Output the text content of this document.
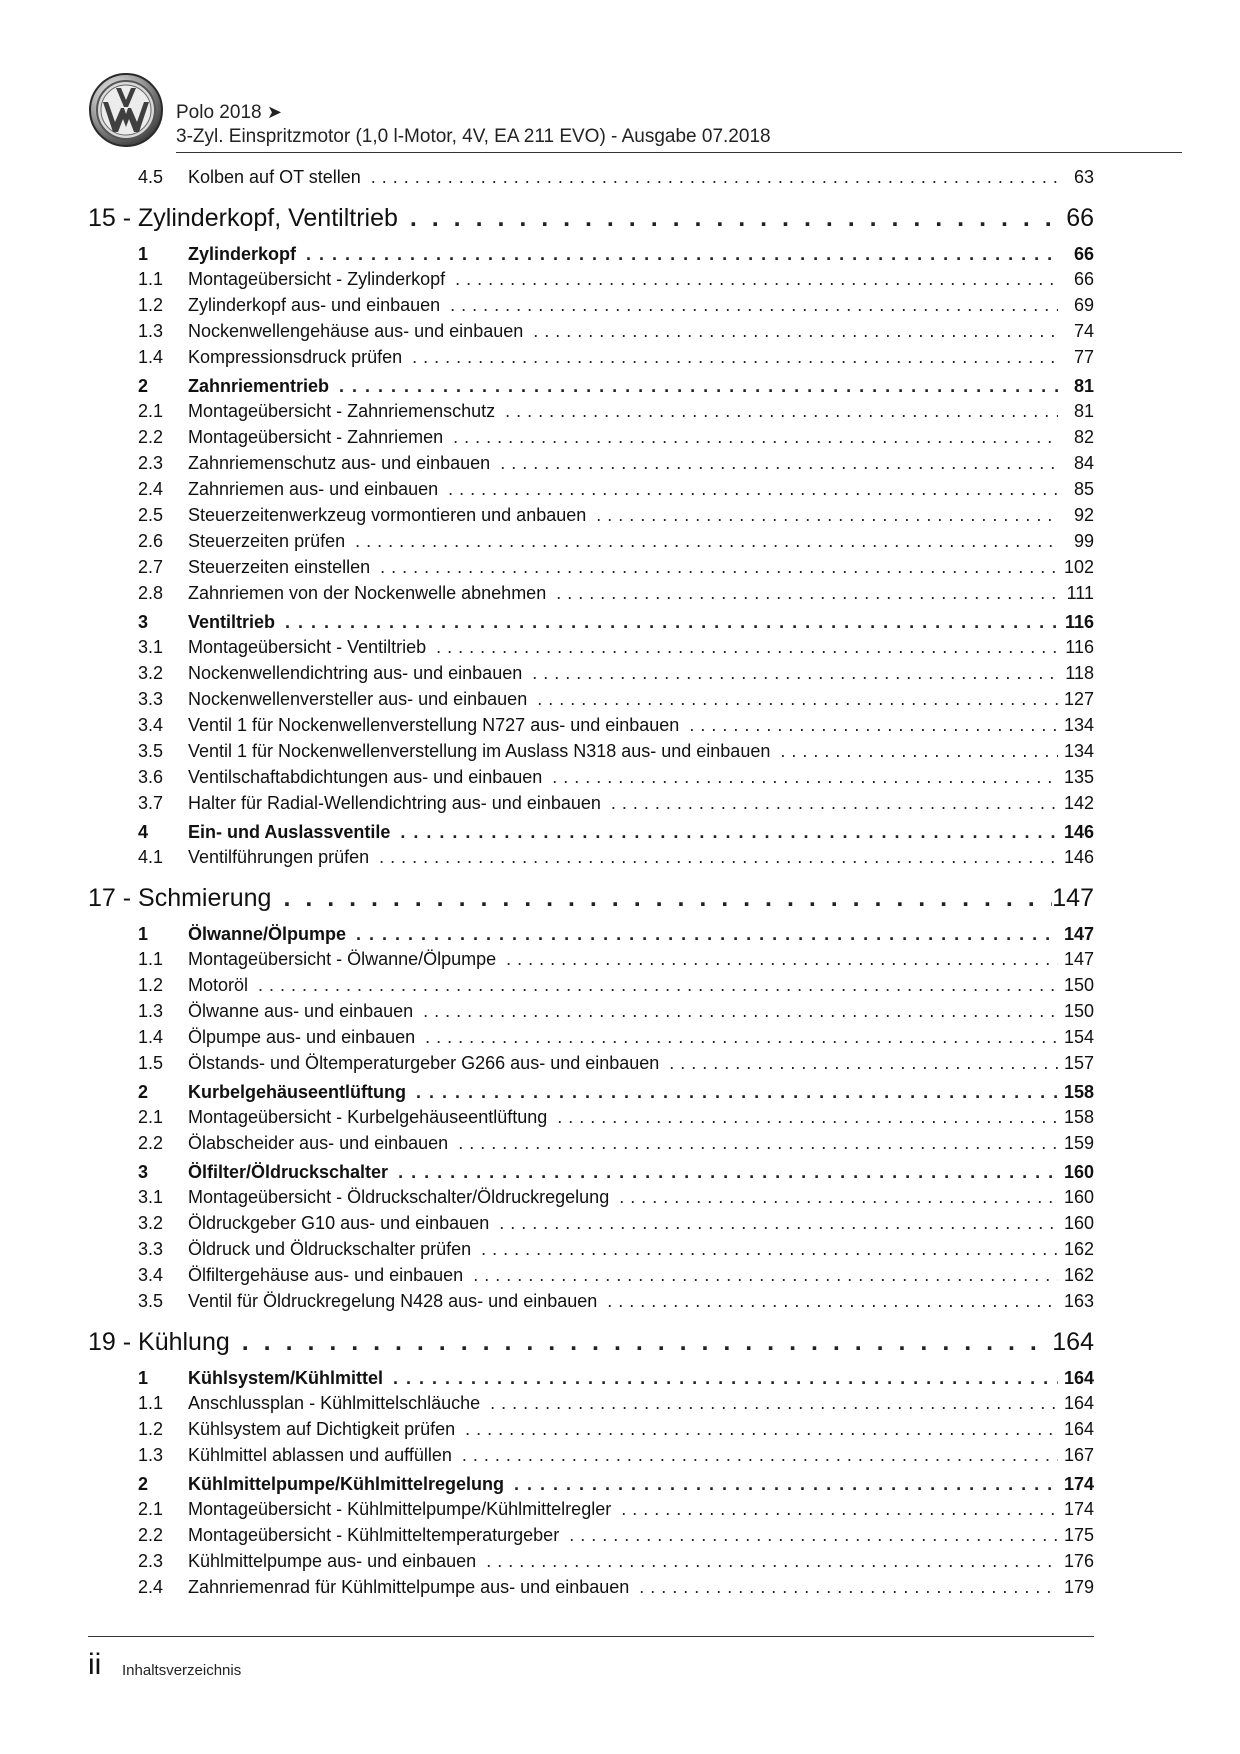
Polo 2018 ➤
3-Zyl. Einspritzmotor (1,0 l-Motor, 4V, EA 211 EVO) - Ausgabe 07.2018
4.5	Kolben auf OT stellen . . .	63
15 - Zylinderkopf, Ventiltrieb . . .	66
1	Zylinderkopf . . .	66
1.1	Montageübersicht - Zylinderkopf . . .	66
1.2	Zylinderkopf aus- und einbauen . . .	69
1.3	Nockenwellengehäuse aus- und einbauen . . .	74
1.4	Kompressionsdruck prüfen . . .	77
2	Zahnriementrieb . . .	81
2.1	Montageübersicht - Zahnriemenschutz . . .	81
2.2	Montageübersicht - Zahnriemen . . .	82
2.3	Zahnriemenschutz aus- und einbauen . . .	84
2.4	Zahnriemen aus- und einbauen . . .	85
2.5	Steuerzeitenwerkzeug vormontieren und anbauen . . .	92
2.6	Steuerzeiten prüfen . . .	99
2.7	Steuerzeiten einstellen . . .	102
2.8	Zahnriemen von der Nockenwelle abnehmen . . .	111
3	Ventiltrieb . . .	116
3.1	Montageübersicht - Ventiltrieb . . .	116
3.2	Nockenwellendichtring aus- und einbauen . . .	118
3.3	Nockenwellenversteller aus- und einbauen . . .	127
3.4	Ventil 1 für Nockenwellenverstellung N727 aus- und einbauen . . .	134
3.5	Ventil 1 für Nockenwellenverstellung im Auslass N318 aus- und einbauen . . .	134
3.6	Ventilschaftabdichtungen aus- und einbauen . . .	135
3.7	Halter für Radial-Wellendichtring aus- und einbauen . . .	142
4	Ein- und Auslassventile . . .	146
4.1	Ventilführungen prüfen . . .	146
17 - Schmierung . . .	147
1	Ölwanne/Ölpumpe . . .	147
1.1	Montageübersicht - Ölwanne/Ölpumpe . . .	147
1.2	Motoröl . . .	150
1.3	Ölwanne aus- und einbauen . . .	150
1.4	Ölpumpe aus- und einbauen . . .	154
1.5	Ölstands- und Öltemperaturgeber G266 aus- und einbauen . . .	157
2	Kurbelgehäuseentlüftung . . .	158
2.1	Montageübersicht - Kurbelgehäuseentlüftung . . .	158
2.2	Ölabscheider aus- und einbauen . . .	159
3	Ölfilter/Öldruckschalter . . .	160
3.1	Montageübersicht - Öldruckschalter/Öldruckregelung . . .	160
3.2	Öldruckgeber G10 aus- und einbauen . . .	160
3.3	Öldruck und Öldruckschalter prüfen . . .	162
3.4	Ölfiltergehäuse aus- und einbauen . . .	162
3.5	Ventil für Öldruckregelung N428 aus- und einbauen . . .	163
19 - Kühlung . . .	164
1	Kühlsystem/Kühlmittel . . .	164
1.1	Anschlussplan - Kühlmittelschläuche . . .	164
1.2	Kühlsystem auf Dichtigkeit prüfen . . .	164
1.3	Kühlmittel ablassen und auffüllen . . .	167
2	Kühlmittelpumpe/Kühlmittelregelung . . .	174
2.1	Montageübersicht - Kühlmittelpumpe/Kühlmittelregler . . .	174
2.2	Montageübersicht - Kühlmitteltemperaturgeber . . .	175
2.3	Kühlmittelpumpe aus- und einbauen . . .	176
2.4	Zahnriemenrad für Kühlmittelpumpe aus- und einbauen . . .	179
ii Inhaltsverzeichnis
